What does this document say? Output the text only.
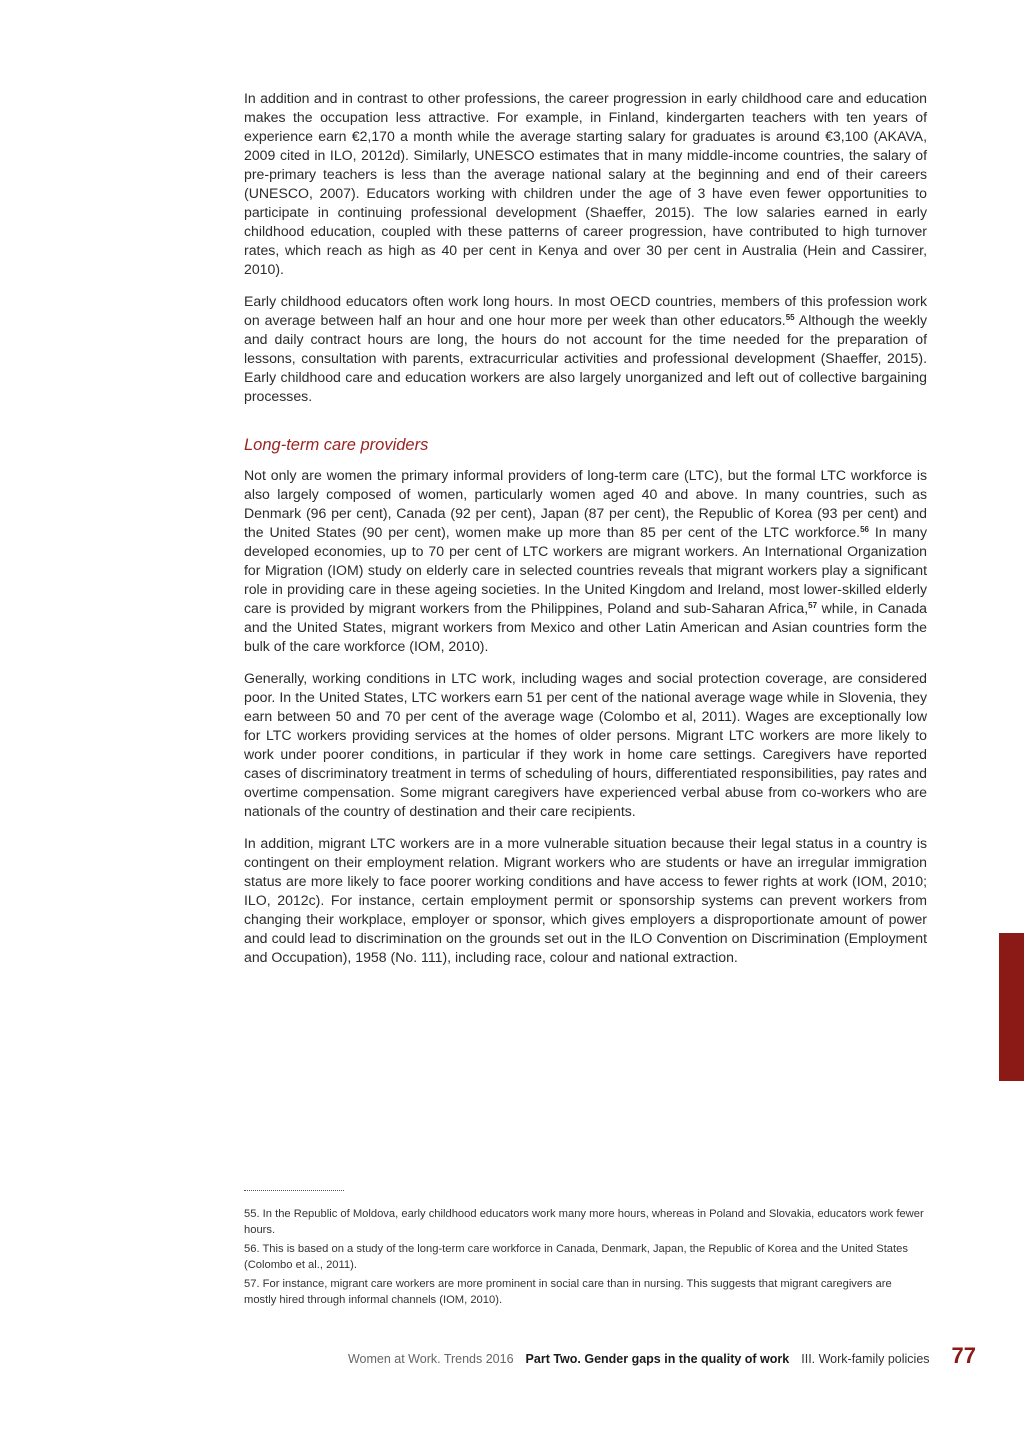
In addition and in contrast to other professions, the career progression in early childhood care and education makes the occupation less attractive. For example, in Finland, kindergarten teachers with ten years of experience earn €2,170 a month while the average starting salary for graduates is around €3,100 (AKAVA, 2009 cited in ILO, 2012d). Similarly, UNESCO estimates that in many middle-income countries, the salary of pre-primary teachers is less than the average national salary at the beginning and end of their careers (UNESCO, 2007). Educators working with children under the age of 3 have even fewer opportunities to participate in continuing professional development (Shaeffer, 2015). The low salaries earned in early childhood education, coupled with these patterns of career progression, have contributed to high turnover rates, which reach as high as 40 per cent in Kenya and over 30 per cent in Australia (Hein and Cassirer, 2010).

Early childhood educators often work long hours. In most OECD countries, members of this profession work on average between half an hour and one hour more per week than other educators.$^{55}$ Although the weekly and daily contract hours are long, the hours do not account for the time needed for the preparation of lessons, consultation with parents, extracurricular activities and professional development (Shaeffer, 2015). Early childhood care and education workers are also largely unorganized and left out of collective bargaining processes.

Long-term care providers

Not only are women the primary informal providers of long-term care (LTC), but the formal LTC workforce is also largely composed of women, particularly women aged 40 and above. In many countries, such as Denmark (96 per cent), Canada (92 per cent), Japan (87 per cent), the Republic of Korea (93 per cent) and the United States (90 per cent), women make up more than 85 per cent of the LTC workforce.$^{56}$ In many developed economies, up to 70 per cent of LTC workers are migrant workers. An International Organization for Migration (IOM) study on elderly care in selected countries reveals that migrant workers play a significant role in providing care in these ageing societies. In the United Kingdom and Ireland, most lower-skilled elderly care is provided by migrant workers from the Philippines, Poland and sub-Saharan Africa,$^{57}$ while, in Canada and the United States, migrant workers from Mexico and other Latin American and Asian countries form the bulk of the care workforce (IOM, 2010).

Generally, working conditions in LTC work, including wages and social protection coverage, are considered poor. In the United States, LTC workers earn 51 per cent of the national average wage while in Slovenia, they earn between 50 and 70 per cent of the average wage (Colombo et al, 2011). Wages are exceptionally low for LTC workers providing services at the homes of older persons. Migrant LTC workers are more likely to work under poorer conditions, in particular if they work in home care settings. Caregivers have reported cases of discriminatory treatment in terms of scheduling of hours, differentiated responsibilities, pay rates and overtime compensation. Some migrant caregivers have experienced verbal abuse from co-workers who are nationals of the country of destination and their care recipients.

In addition, migrant LTC workers are in a more vulnerable situation because their legal status in a country is contingent on their employment relation. Migrant workers who are students or have an irregular immigration status are more likely to face poorer working conditions and have access to fewer rights at work (IOM, 2010; ILO, 2012c). For instance, certain employment permit or sponsorship systems can prevent workers from changing their workplace, employer or sponsor, which gives employers a disproportionate amount of power and could lead to discrimination on the grounds set out in the ILO Convention on Discrimination (Employment and Occupation), 1958 (No. 111), including race, colour and national extraction.

55. In the Republic of Moldova, early childhood educators work many more hours, whereas in Poland and Slovakia, educators work fewer hours.

56. This is based on a study of the long-term care workforce in Canada, Denmark, Japan, the Republic of Korea and the United States (Colombo et al., 2011).

57. For instance, migrant care workers are more prominent in social care than in nursing. This suggests that migrant caregivers are mostly hired through informal channels (IOM, 2010).

Women at Work. Trends 2016 Part Two. Gender gaps in the quality of work III. Work-family policies 77
